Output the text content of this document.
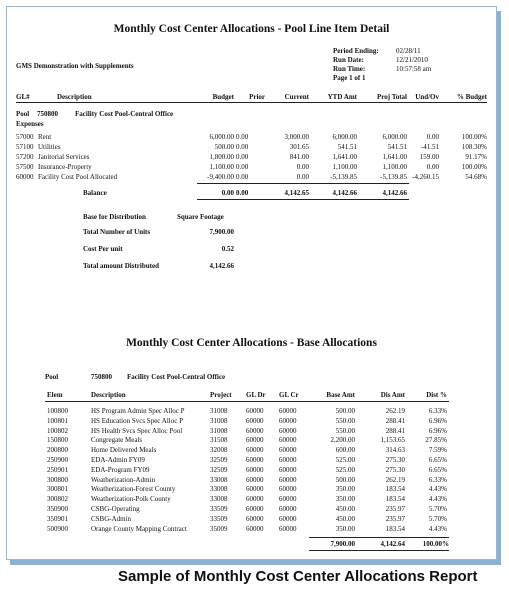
Monthly Cost Center Allocations - Pool Line Item Detail
GMS Demonstration with Supplements
Period Ending: 02/28/11
Run Date:	12/21/2010
Run Time:	10:57:58 am
Page 1 of 1
GL#	Description	Budget	Prior	Current	YTD Amt	Proj Total	Und/Ov	% Budget
Pool 750800 Facility Cost Pool-Central Office
Expenses
57000 Rent	6,000.00 0.00	3,000.00	6,000.00	6,000.00	0.00	100.00%
57100 Utilities	500.00 0.00	301.65	541.51	541.51	-41.51	108.30%
57200 Janitorial Services	1,800.00 0.00	841.00	1,641.00	1,641.00	159.00	91.17%
57500 Insurance-Property	1,100.00 0.00	0.00	1,100.00	1,100.00	0.00	100.00%
60000 Facility Cost Pool Allocated	-9,400.00 0.00	0.00	-5,139.85	-5,139.85 -4,260.15	54.68%
Balance	0.00 0.00	4,142.65	4,142.66	4,142.66
Base for Distribution	Square Footage
Total Number of Units	7,900.00
Cost Per unit	0.52
Total amount Distributed	4,142.66
Monthly Cost Center Allocations - Base Allocations
Pool	750800 Facility Cost Pool-Central Office
Elem	Description	Project GL Dr GL Cr	Base Amt	Dis Amt	Dist %
100800	HS Program Admin Spec Alloc P	31008	60000 60000	500.00	262.19	6.33%
100801	HS Education Svcs Spec Alloc P	31008	60000 60000	550.00	288.41	6.96%
100802	HS Health Svcs Spec Alloc Pool	31008	60000 60000	550.00	288.41	6.96%
150800	Congregate Meals	31508	60000 60000	2,200.00	1,153.65	27.85%
200800	Home Delivered Meals	32008	60000 60000	600.00	314.63	7.59%
250900	EDA-Admin FY09	32509	60000 60000	525.00	275.30	6.65%
250901	EDA-Program FY09	32509	60000 60000	525.00	275.30	6.65%
300800	Weatherization-Admin	33008	60000 60000	500.00	262.19	6.33%
300801	Weatherization-Forest County	33008	60000 60000	350.00	183.54	4.43%
300802	Weatherization-Polk County	33008	60000 60000	350.00	183.54	4.43%
350900	CSBG-Operating	33509	60000 60000	450.00	235.97	5.70%
350901	CSBG-Admin	33509	60000 60000	450.00	235.97	5.70%
500900	Orange County Mapping Contract	35009	60000 60000	350.00	183.54	4.43%
7,900.00	4,142.64	100.00%
Sample of Monthly Cost Center Allocations Report
